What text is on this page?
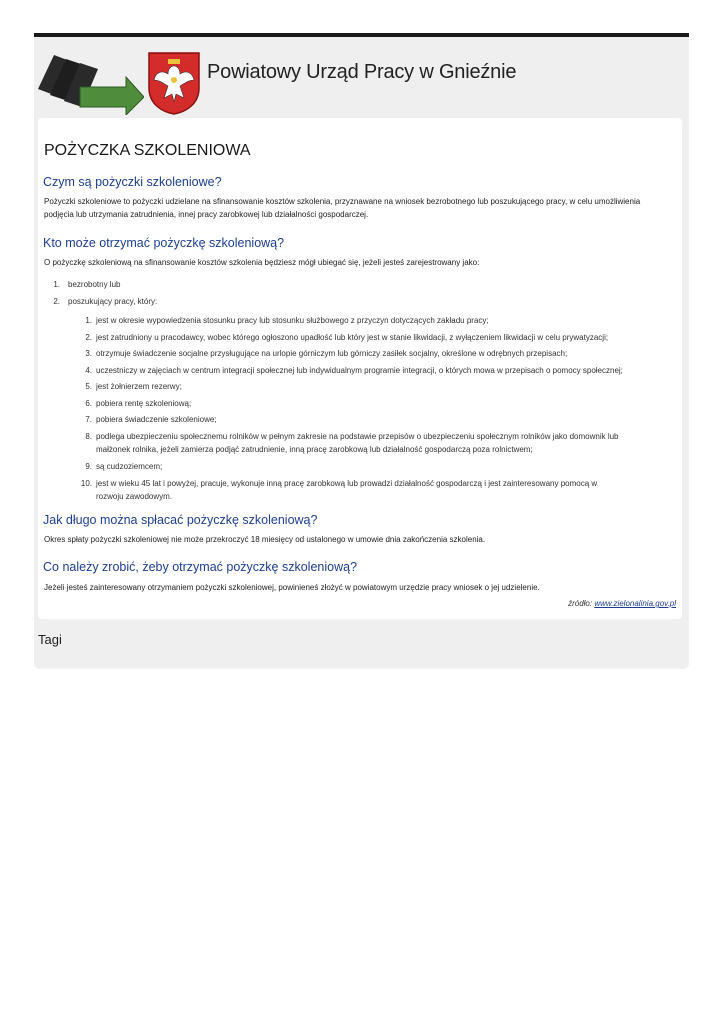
Powiatowy Urząd Pracy w Gnieźnie
POŻYCZKA SZKOLENIOWA
Czym są pożyczki szkoleniowe?
Pożyczki szkoleniowe to pożyczki udzielane na sfinansowanie kosztów szkolenia, przyznawane na wniosek bezrobotnego lub poszukującego pracy, w celu umożliwienia
podjęcia lub utrzymania zatrudnienia, innej pracy zarobkowej lub działalności gospodarczej.
Kto może otrzymać pożyczkę szkoleniową?
O pożyczkę szkoleniową na sfinansowanie kosztów szkolenia będziesz mógł ubiegać się, jeżeli jesteś zarejestrowany jako:
1. bezrobotny lub
2. poszukujący pracy, który:
1. jest w okresie wypowiedzenia stosunku pracy lub stosunku służbowego z przyczyn dotyczących zakładu pracy;
2. jest zatrudniony u pracodawcy, wobec którego ogłoszono upadłość lub który jest w stanie likwidacji, z wyłączeniem likwidacji w celu prywatyzacji;
3. otrzymuje świadczenie socjalne przysługujące na urlopie górniczym lub górniczy zasiłek socjalny, określone w odrębnych przepisach;
4. uczestniczy w zajęciach w centrum integracji społecznej lub indywidualnym programie integracji, o których mowa w przepisach o pomocy społecznej;
5. jest żołnierzem rezerwy;
6. pobiera rentę szkoleniową;
7. pobiera świadczenie szkoleniowe;
8. podlega ubezpieczeniu społecznemu rolników w pełnym zakresie na podstawie przepisów o ubezpieczeniu społecznym rolników jako domownik lub
małżonek rolnika, jeżeli zamierza podjąć zatrudnienie, inną pracę zarobkową lub działalność gospodarczą poza rolnictwem;
9. są cudzoziemcem;
10. jest w wieku 45 lat i powyżej, pracuje, wykonuje inną pracę zarobkową lub prowadzi działalność gospodarczą i jest zainteresowany pomocą w
rozwoju zawodowym.
Jak długo można spłacać pożyczkę szkoleniową?
Okres spłaty pożyczki szkoleniowej nie może przekroczyć 18 miesięcy od ustalonego w umowie dnia zakończenia szkolenia.
Co należy zrobić, żeby otrzymać pożyczkę szkoleniową?
Jeżeli jesteś zainteresowany otrzymaniem pożyczki szkoleniowej, powinieneś złożyć w powiatowym urzędzie pracy wniosek o jej udzielenie.
źródło: www.zielonalinia.gov.pl
Tagi
